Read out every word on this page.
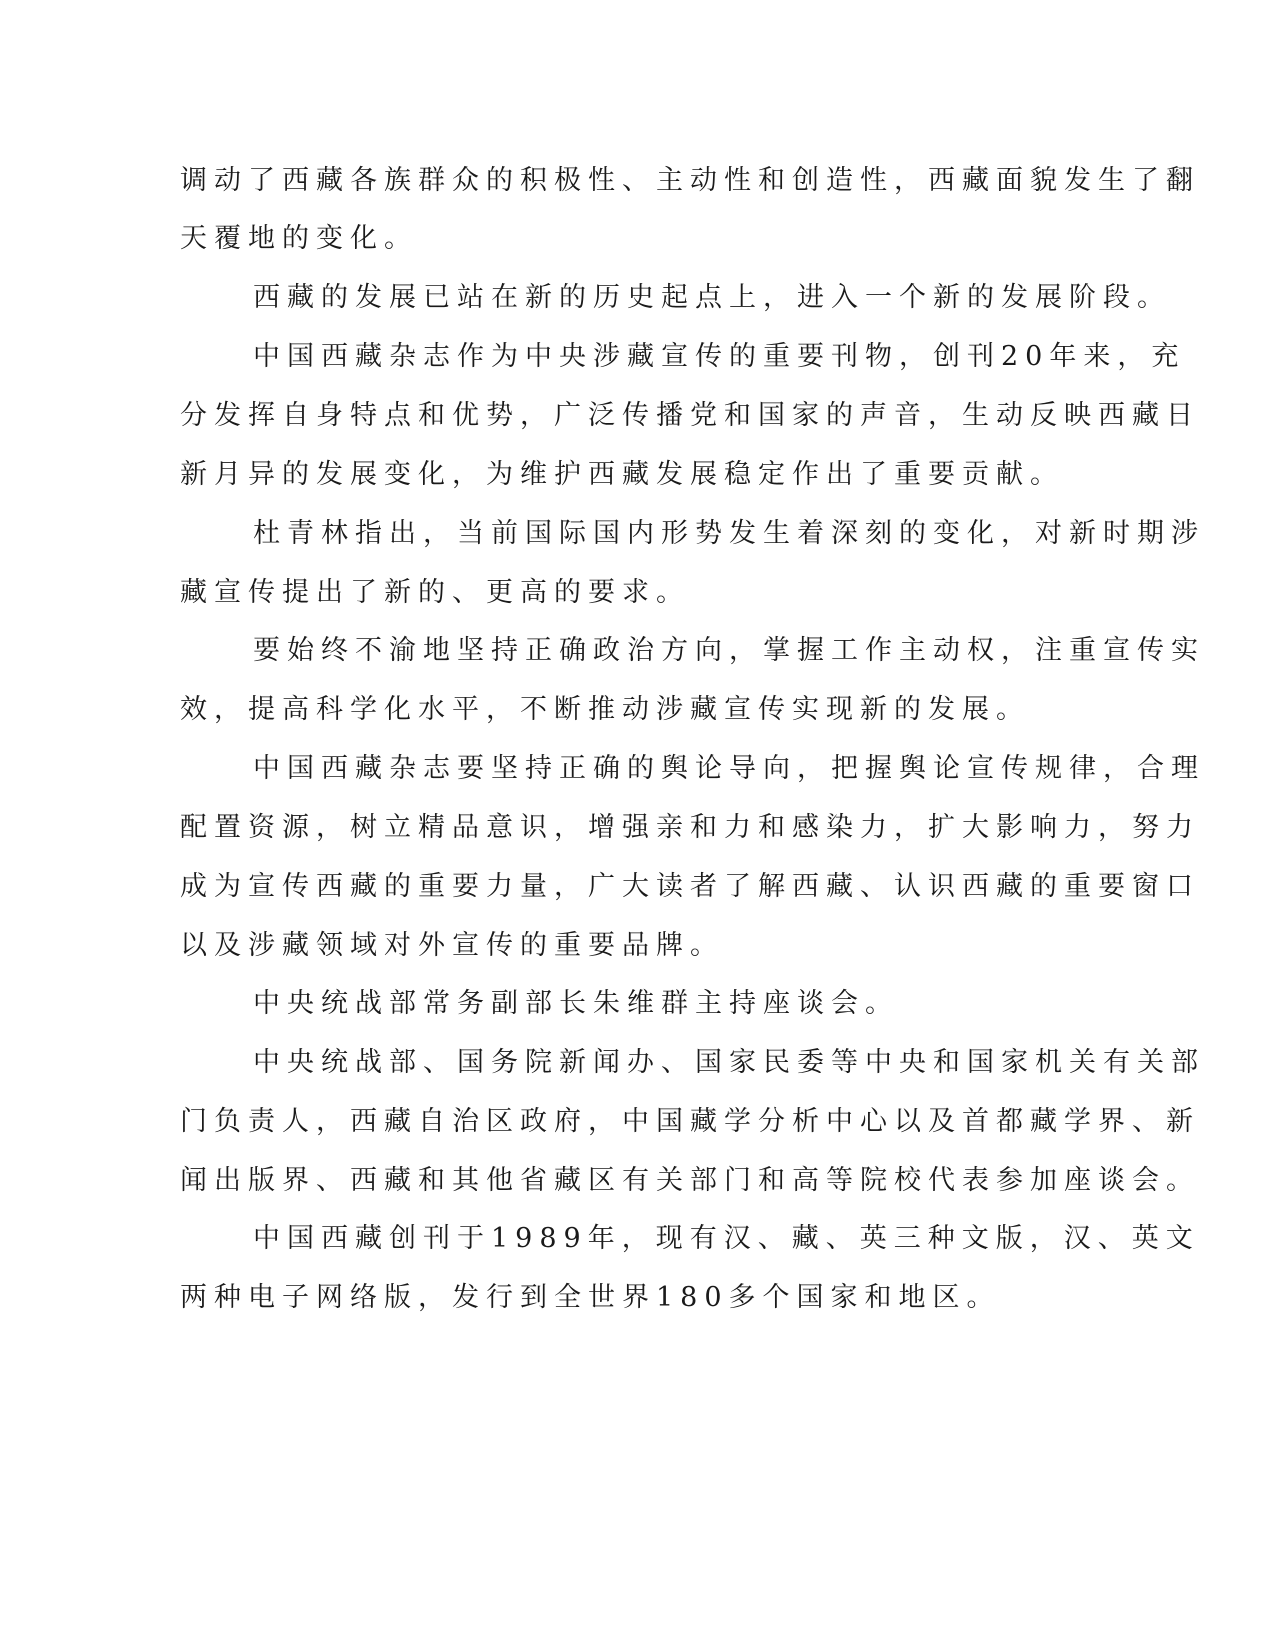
调动了西藏各族群众的积极性、主动性和创造性，西藏面貌发生了翻
天覆地的变化。
西藏的发展已站在新的历史起点上，进入一个新的发展阶段。
中国西藏杂志作为中央涉藏宣传的重要刊物，创刊20年来，充
分发挥自身特点和优势，广泛传播党和国家的声音，生动反映西藏日
新月异的发展变化，为维护西藏发展稳定作出了重要贡献。
杜青林指出，当前国际国内形势发生着深刻的变化，对新时期涉
藏宣传提出了新的、更高的要求。
要始终不渝地坚持正确政治方向，掌握工作主动权，注重宣传实
效，提高科学化水平，不断推动涉藏宣传实现新的发展。
中国西藏杂志要坚持正确的舆论导向，把握舆论宣传规律，合理
配置资源，树立精品意识，增强亲和力和感染力，扩大影响力，努力
成为宣传西藏的重要力量，广大读者了解西藏、认识西藏的重要窗口
以及涉藏领域对外宣传的重要品牌。
中央统战部常务副部长朱维群主持座谈会。
中央统战部、国务院新闻办、国家民委等中央和国家机关有关部
门负责人，西藏自治区政府，中国藏学分析中心以及首都藏学界、新
闻出版界、西藏和其他省藏区有关部门和高等院校代表参加座谈会。
中国西藏创刊于1989年，现有汉、藏、英三种文版，汉、英文
两种电子网络版，发行到全世界180多个国家和地区。
